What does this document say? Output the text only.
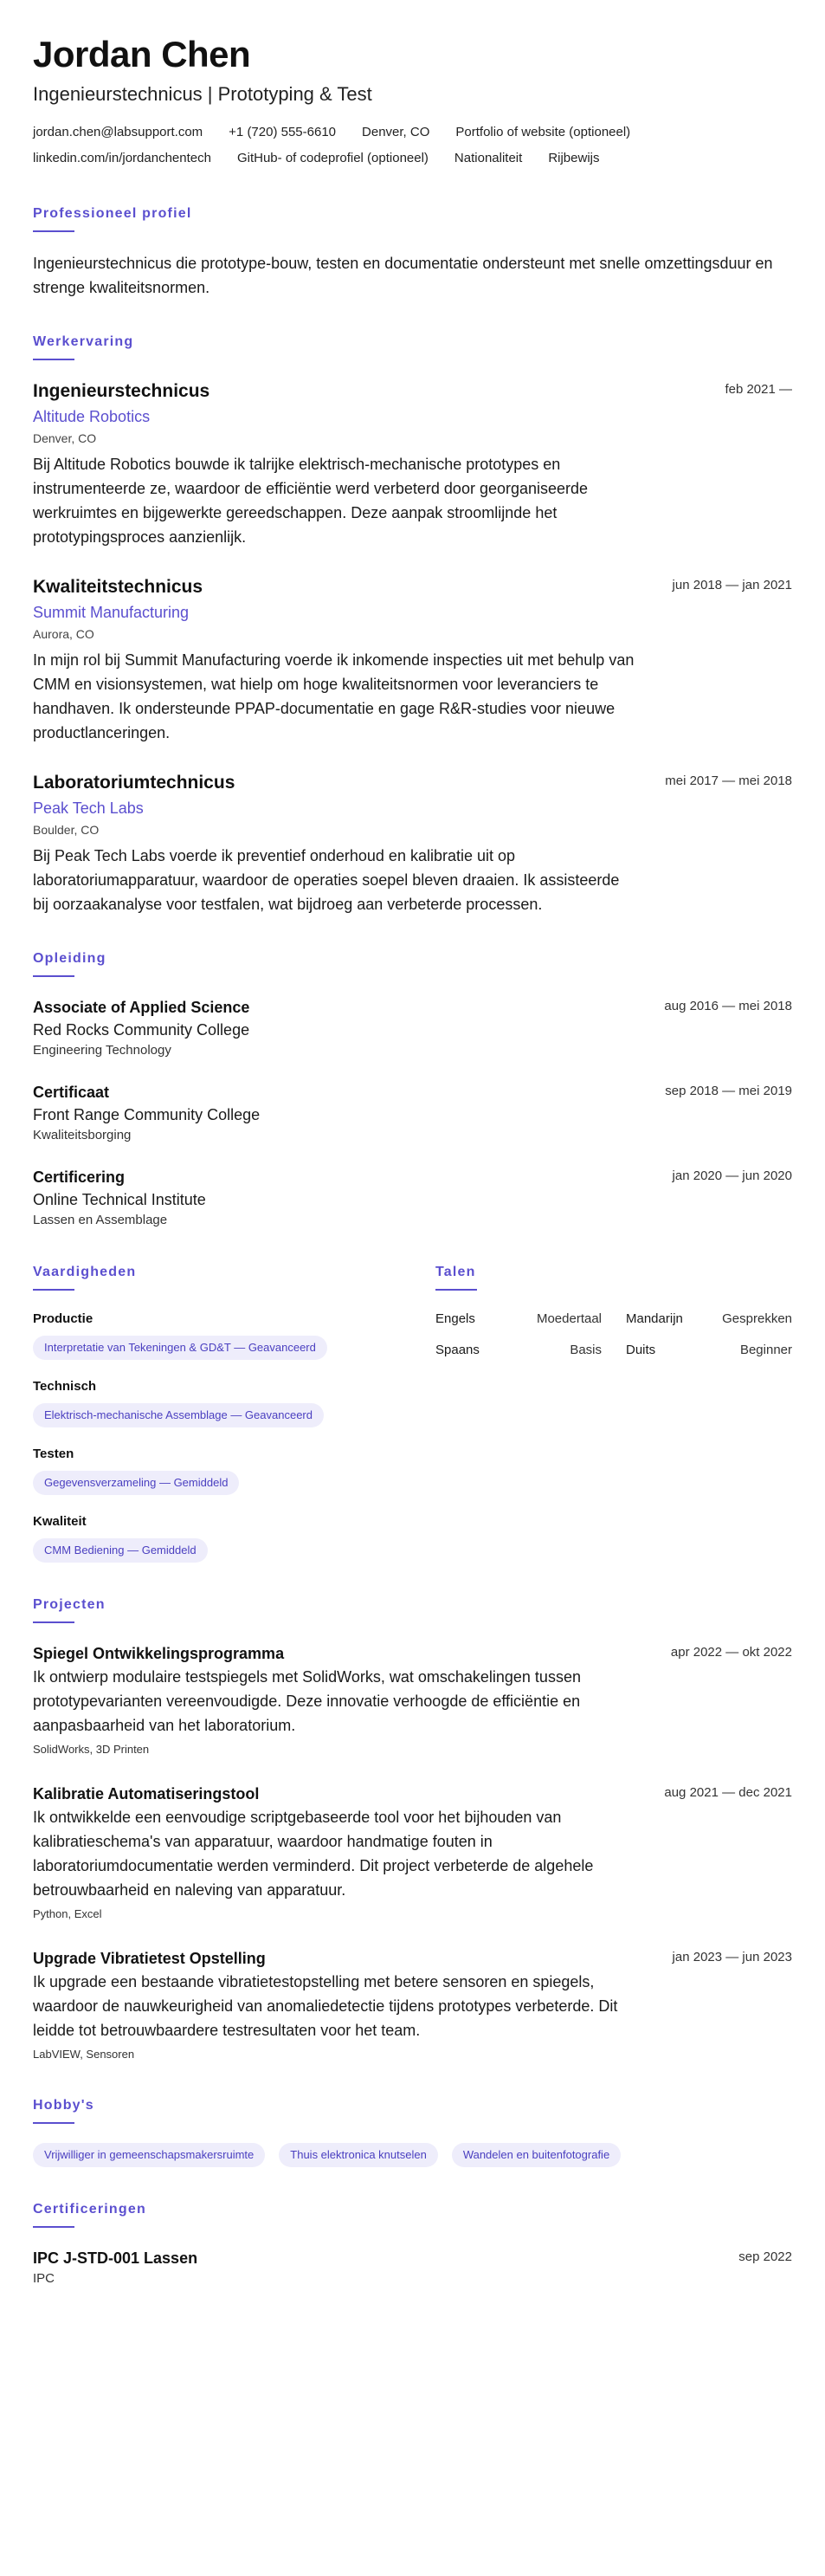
Jordan Chen
Ingenieurstechnicus | Prototyping & Test
jordan.chen@labsupport.com +1 (720) 555-6610 Denver, CO Portfolio of website (optioneel)
linkedin.com/in/jordanchentech GitHub- of codeprofiel (optioneel) Nationaliteit Rijbewijs
Professioneel profiel

Ingenieurstechnicus die prototype-bouw, testen en documentatie ondersteunt met snelle omzettingsduur en strenge kwaliteitsnormen.

Werkervaring
feb 2021 —
Ingenieurstechnicus
Altitude Robotics
Denver, CO

Bij Altitude Robotics bouwde ik talrijke elektrisch-mechanische prototypes en instrumenteerde ze, waardoor de efficiëntie werd verbeterd door georganiseerde werkruimtes en bijgewerkte gereedschappen. Deze aanpak stroomlijnde het prototypingsproces aanzienlijk.

jun 2018 — jan 2021
Kwaliteitstechnicus
Summit Manufacturing
Aurora, CO

In mijn rol bij Summit Manufacturing voerde ik inkomende inspecties uit met behulp van CMM en visionsystemen, wat hielp om hoge kwaliteitsnormen voor leveranciers te handhaven. Ik ondersteunde PPAP-documentatie en gage R&R-studies voor nieuwe productlanceringen.

mei 2017 — mei 2018
Laboratoriumtechnicus
Peak Tech Labs
Boulder, CO

Bij Peak Tech Labs voerde ik preventief onderhoud en kalibratie uit op laboratoriumapparatuur, waardoor de operaties soepel bleven draaien. Ik assisteerde bij oorzaakanalyse voor testfalen, wat bijdroeg aan verbeterde processen.

Opleiding
aug 2016 — mei 2018
Associate of Applied Science
Red Rocks Community College
Engineering Technology
sep 2018 — mei 2019
Certificaat
Front Range Community College
Kwaliteitsborging
jan 2020 — jun 2020
Certificering
Online Technical Institute
Lassen en Assemblage
Vaardigheden
Productie
Interpretatie van Tekeningen & GD&T — Geavanceerd
Technisch
Elektrisch-mechanische Assemblage — Geavanceerd
Testen
Gegevensverzameling — Gemiddeld
Kwaliteit
CMM Bediening — Gemiddeld
Talen
Engels	Moedertaal Mandarijn	Gesprekken
Spaans	Basis Duits	Beginner
Projecten
apr 2022 — okt 2022
Spiegel Ontwikkelingsprogramma

Ik ontwierp modulaire testspiegels met SolidWorks, wat omschakelingen tussen prototypevarianten vereenvoudigde. Deze innovatie verhoogde de efficiëntie en aanpasbaarheid van het laboratorium.

SolidWorks, 3D Printen
aug 2021 — dec 2021
Kalibratie Automatiseringstool

Ik ontwikkelde een eenvoudige scriptgebaseerde tool voor het bijhouden van kalibratieschema's van apparatuur, waardoor handmatige fouten in laboratoriumdocumentatie werden verminderd. Dit project verbeterde de algehele betrouwbaarheid en naleving van apparatuur.

Python, Excel
jan 2023 — jun 2023
Upgrade Vibratietest Opstelling

Ik upgrade een bestaande vibratietestopstelling met betere sensoren en spiegels, waardoor de nauwkeurigheid van anomaliedetectie tijdens prototypes verbeterde. Dit leidde tot betrouwbaardere testresultaten voor het team.

LabVIEW, Sensoren
Hobby's
Vrijwilliger in gemeenschapsmakersruimte	Thuis elektronica knutselen	Wandelen en buitenfotografie
Certificeringen
sep 2022
IPC J-STD-001 Lassen
IPC
